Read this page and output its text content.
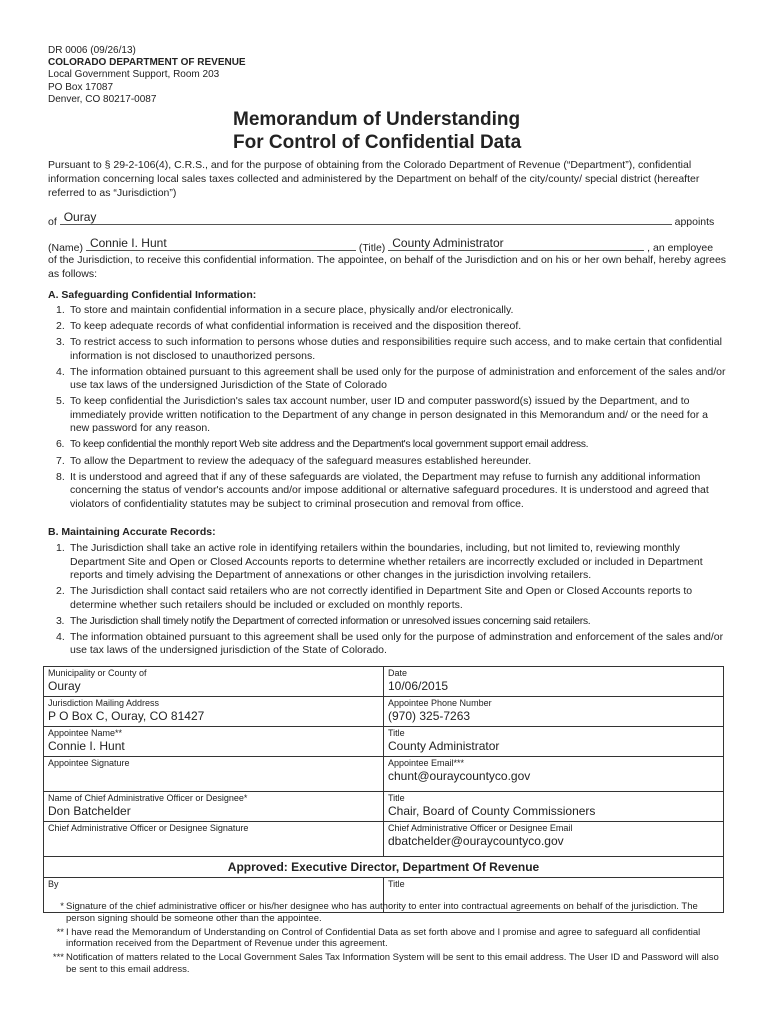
DR 0006 (09/26/13)
COLORADO DEPARTMENT OF REVENUE
Local Government Support, Room 203
PO Box 17087
Denver, CO 80217-0087
Memorandum of Understanding
For Control of Confidential Data
Pursuant to § 29-2-106(4), C.R.S., and for the purpose of obtaining from the Colorado Department of Revenue (“Department”), confidential information concerning local sales taxes collected and administered by the Department on behalf of the city/county/ special district (hereafter referred to as “Jurisdiction”)
of Ouray	appoints
(Name) Connie I. Hunt	(Title) County Administrator	, an employee
of the Jurisdiction, to receive this confidential information. The appointee, on behalf of the Jurisdiction and on his or her own behalf, hereby agrees as follows:
A. Safeguarding Confidential Information:
1. To store and maintain confidential information in a secure place, physically and/or electronically.
2. To keep adequate records of what confidential information is received and the disposition thereof.
3. To restrict access to such information to persons whose duties and responsibilities require such access, and to make certain that confidential information is not disclosed to unauthorized persons.
4. The information obtained pursuant to this agreement shall be used only for the purpose of administration and enforcement of the sales and/or use tax laws of the undersigned Jurisdiction of the State of Colorado
5. To keep confidential the Jurisdiction's sales tax account number, user ID and computer password(s) issued by the Department, and to immediately provide written notification to the Department of any change in person designated in this Memorandum and/ or the need for a new password for any reason.
6. To keep confidential the monthly report Web site address and the Department's local government support email address.
7. To allow the Department to review the adequacy of the safeguard measures established hereunder.
8. It is understood and agreed that if any of these safeguards are violated, the Department may refuse to furnish any additional information concerning the status of vendor's accounts and/or impose additional or alternative safeguard procedures. It is understood and agreed that violators of confidentiality statutes may be subject to criminal prosecution and removal from office.
B. Maintaining Accurate Records:
1. The Jurisdiction shall take an active role in identifying retailers within the boundaries, including, but not limited to, reviewing monthly Department Site and Open or Closed Accounts reports to determine whether retailers are incorrectly excluded or included in Department reports and timely advising the Department of annexations or other changes in the jurisdiction involving retailers.
2. The Jurisdiction shall contact said retailers who are not correctly identified in Department Site and Open or Closed Accounts reports to determine whether such retailers should be included or excluded on monthly reports.
3. The Jurisdiction shall timely notify the Department of corrected information or unresolved issues concerning said retailers.
4. The information obtained pursuant to this agreement shall be used only for the purpose of adminstration and enforcement of the sales and/or use tax laws of the undersigned jurisdiction of the State of Colorado.
Municipality or County of
Ouray
Date
10/06/2015
Jurisdiction Mailing Address
P O Box C, Ouray, CO 81427
Appointee Phone Number
(970) 325-7263
Appointee Name**
Connie I. Hunt
Title
County Administrator
Appointee Signature	Appointee Email***
chunt@ouraycountyco.gov
Name of Chief Administrative Officer or Designee*
Don Batchelder
Title
Chair, Board of County Commissioners
Chief Administrative Officer or Designee Signature	Chief Administrative Officer or Designee Email
dbatchelder@ouraycountyco.gov
Approved: Executive Director, Department Of Revenue
By	Title
* Signature of the chief administrative officer or his/her designee who has authority to enter into contractual agreements on behalf of the jurisdiction. The person signing should be someone other than the appointee.
** I have read the Memorandum of Understanding on Control of Confidential Data as set forth above and I promise and agree to safeguard all confidential information received from the Department of Revenue under this agreement.
*** Notification of matters related to the Local Government Sales Tax Information System will be sent to this email address. The User ID and Password will also be sent to this email address.
